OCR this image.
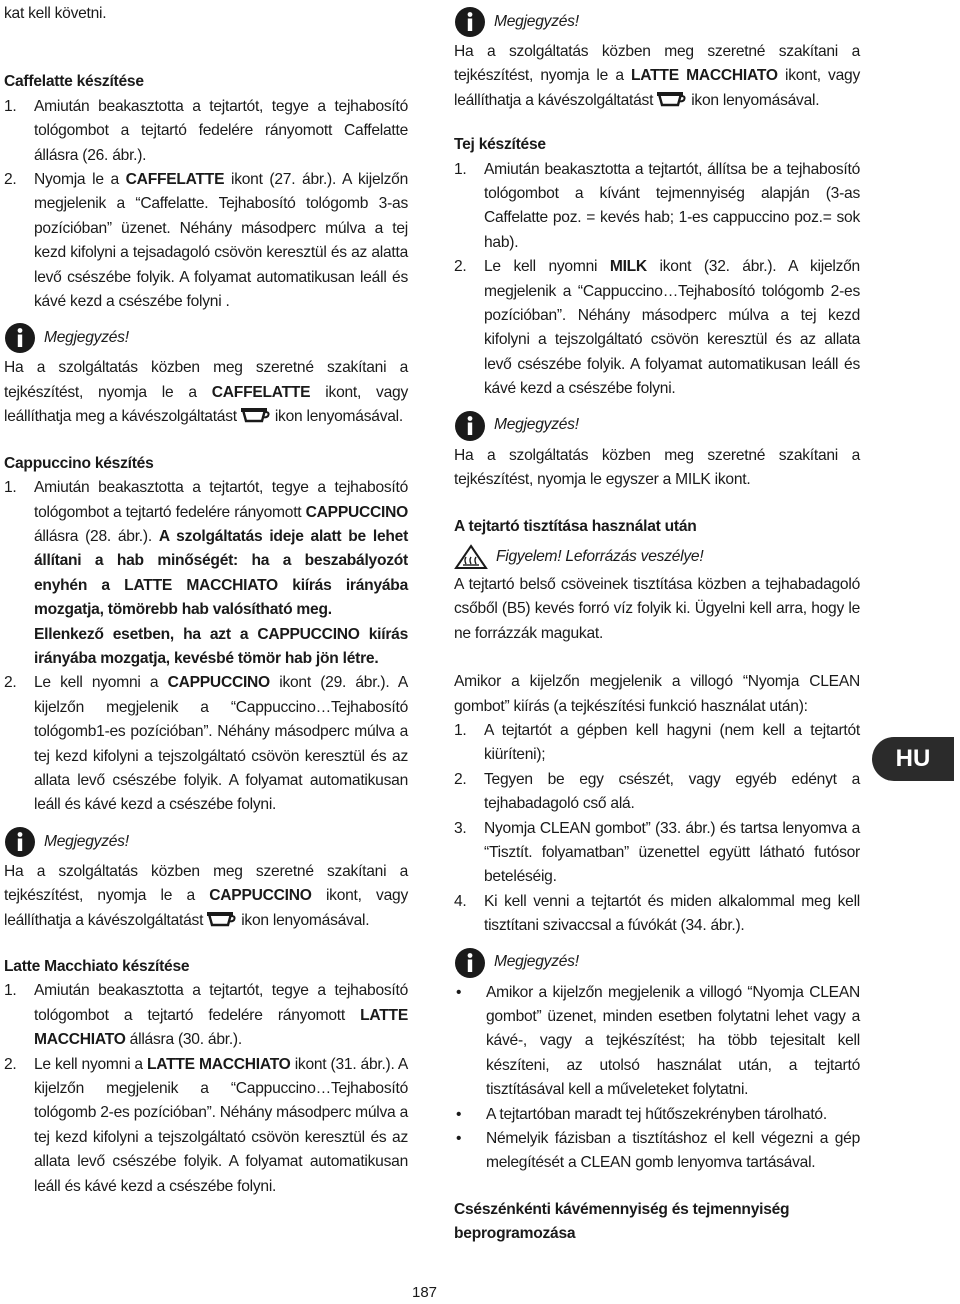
kat kell követni.

Caffelatte készítése

1. Amiután beakasztotta a tejtartót, tegye a tejhabosító tológombot a tejtartó fedelére rányomott Caffelatte állásra (26. ábr.).

2. Nyomja le a CAFFELATTE ikont (27. ábr.). A kijelzőn megjelenik a “Caffelatte. Tejhabosító tológomb 3-as pozícióban” üzenet. Néhány másodperc múlva a tej kezd kifolyni a tejsadagoló csövön keresztül és az alatta levő csészébe folyik. A folyamat automatikusan leáll és kávé kezd a csészébe folyni .

Megjegyzés!

Ha a szolgáltatás közben meg szeretné szakítani a tejkészítést, nyomja le a CAFFELATTE ikont, vagy leállíthatja meg a kávészolgáltatást ikon lenyomásával.

Cappuccino készítés

1. Amiután beakasztotta a tejtartót, tegye a tejhabosító tológombot a tejtartó fedelére rányomott CAPPUCCINO állásra (28. ábr.). A szolgáltatás ideje alatt be lehet állítani a hab minőségét: ha a beszabályozót enyhén a LATTE MACCHIATO kiírás irányába mozgatja, tömörebb hab valósítható meg.
Ellenkező esetben, ha azt a CAPPUCCINO kiírás irányába mozgatja, kevésbé tömör hab jön létre.

2. Le kell nyomni a CAPPUCCINO ikont (29. ábr.). A kijelzőn megjelenik a “Cappuccino…Tejhabosító tológomb1-es pozícióban”. Néhány másodperc múlva a tej kezd kifolyni a tejszolgáltató csövön keresztül és az allata levő csészébe folyik. A folyamat automatikusan leáll és kávé kezd a csészébe folyni.

Megjegyzés!

Ha a szolgáltatás közben meg szeretné szakítani a tejkészítést, nyomja le a CAPPUCCINO ikont, vagy leállíthatja a kávészolgáltatást ikon lenyomásával.

Latte Macchiato készítése

1. Amiután beakasztotta a tejtartót, tegye a tejhabosító tológombot a tejtartó fedelére rányomott LATTE MACCHIATO állásra (30. ábr.).

2. Le kell nyomni a LATTE MACCHIATO ikont (31. ábr.). A kijelzőn megjelenik a “Cappuccino…Tejhabosító tológomb 2-es pozícióban”. Néhány másodperc múlva a tej kezd kifolyni a tejszolgáltató csövön keresztül és az allata levő csészébe folyik. A folyamat automatikusan leáll és kávé kezd a csészébe folyni.

Megjegyzés!

Ha a szolgáltatás közben meg szeretné szakítani a tejkészítést, nyomja le a LATTE MACCHIATO ikont, vagy leállíthatja a kávészolgáltatást ikon lenyomásával.

Tej készítése

1. Amiután beakasztotta a tejtartót, állítsa be a tejhabosító tológombot a kívánt tejmennyiség alapján (3-as Caffelatte poz. = kevés hab; 1-es cappuccino poz.= sok hab).

2. Le kell nyomni MILK ikont (32. ábr.). A kijelzőn megjelenik a “Cappuccino…Tejhabosító tológomb 2-es pozícióban”. Néhány másodperc múlva a tej kezd kifolyni a tejszolgáltató csövön keresztül és az allata levő csészébe folyik. A folyamat automatikusan leáll és kávé kezd a csészébe folyni.

Megjegyzés!

Ha a szolgáltatás közben meg szeretné szakítani a tejkészítést, nyomja le egyszer a MILK ikont.

A tejtartó tisztítása használat után
Figyelem! Leforrázás veszélye!

A tejtartó belső csöveinek tisztítása közben a tejhabadagoló csőből (B5) kevés forró víz folyik ki. Ügyelni kell arra, hogy le ne forrázzák magukat.

Amikor a kijelzőn megjelenik a villogó “Nyomja CLEAN gombot” kiírás (a tejkészítési funkció használat után):

1. A tejtartót a gépben kell hagyni (nem kell a tejtartót kiüríteni);

2. Tegyen be egy csészét, vagy egyéb edényt a tejhabadagoló cső alá.

3. Nyomja CLEAN gombot” (33. ábr.) és tartsa lenyomva a “Tisztít. folyamatban” üzenettel együtt látható futósor beteléséig.

4. Ki kell venni a tejtartót és miden alkalommal meg kell tisztítani szivaccsal a fúvókát (34. ábr.).

Megjegyzés!

• Amikor a kijelzőn megjelenik a villogó “Nyomja CLEAN gombot” üzenet, minden esetben folytatni lehet vagy a kávé-, vagy a tejkészítést; ha több tejesitalt kell készíteni, az utolsó használat után, a tejtartó tisztításával kell a műveleteket folytatni.

• A tejtartóban maradt tej hűtőszekrényben tárolható.

• Némelyik fázisban a tisztításhoz el kell végezni a gép melegítését a CLEAN gomb lenyomva tartásával.

Csészénkénti kávémennyiség és tejmennyiség beprogramozása
HU
187
